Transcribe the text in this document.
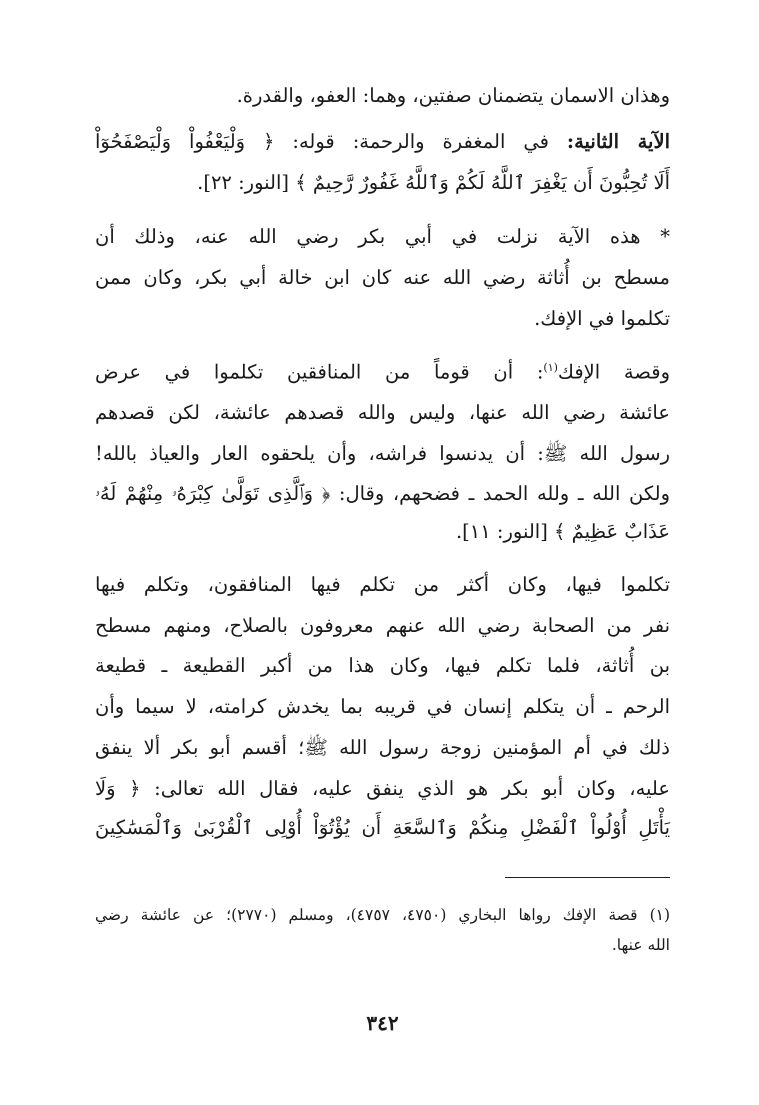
وهذان الاسمان يتضمنان صفتين، وهما: العفو، والقدرة.
الآية الثانية: في المغفرة والرحمة: قوله: ﴿ وَلْيَعْفُواْ وَلْيَصْفَحُوٓاْ
أَلَا تُحِبُّونَ أَن يَغْفِرَ ٱللَّهُ لَكُمْ وَٱللَّهُ غَفُورٌ رَّحِيمٌ ﴾ [النور: ٢٢].
* هذه الآية نزلت في أبي بكر رضي الله عنه، وذلك أن
مسطح بن أُثاثة رضي الله عنه كان ابن خالة أبي بكر، وكان ممن
تكلموا في الإفك.
وقصة الإفك$^{(١)}$: أن قوماً من المنافقين تكلموا في عرض
عائشة رضي الله عنها، وليس والله قصدهم عائشة، لكن قصدهم
رسول الله ﷺ: أن يدنسوا فراشه، وأن يلحقوه العار والعياذ بالله!
ولكن الله ـ ولله الحمد ـ فضحهم، وقال: ﴿ وَٱلَّذِى تَوَلَّىٰ كِبْرَهُۥ مِنْهُمْ لَهُۥ
عَذَابٌ عَظِيمٌ ﴾ [النور: ١١].
تكلموا فيها، وكان أكثر من تكلم فيها المنافقون، وتكلم فيها
نفر من الصحابة رضي الله عنهم معروفون بالصلاح، ومنهم مسطح
بن أُثاثة، فلما تكلم فيها، وكان هذا من أكبر القطيعة ـ قطيعة
الرحم ـ أن يتكلم إنسان في قريبه بما يخدش كرامته، لا سيما وأن
ذلك في أم المؤمنين زوجة رسول الله ﷺ؛ أقسم أبو بكر ألا ينفق
عليه، وكان أبو بكر هو الذي ينفق عليه، فقال الله تعالى: ﴿ وَلَا
يَأْتَلِ أُوْلُواْ ٱلْفَضْلِ مِنكُمْ وَٱلسَّعَةِ أَن يُؤْتُوٓاْ أُوْلِى ٱلْقُرْبَىٰ وَٱلْمَسَٰكِينَ
(١) قصة الإفك رواها البخاري (٤٧٥٠، ٤٧٥٧)، ومسلم (٢٧٧٠)؛ عن عائشة رضي
الله عنها.
٣٤٢
